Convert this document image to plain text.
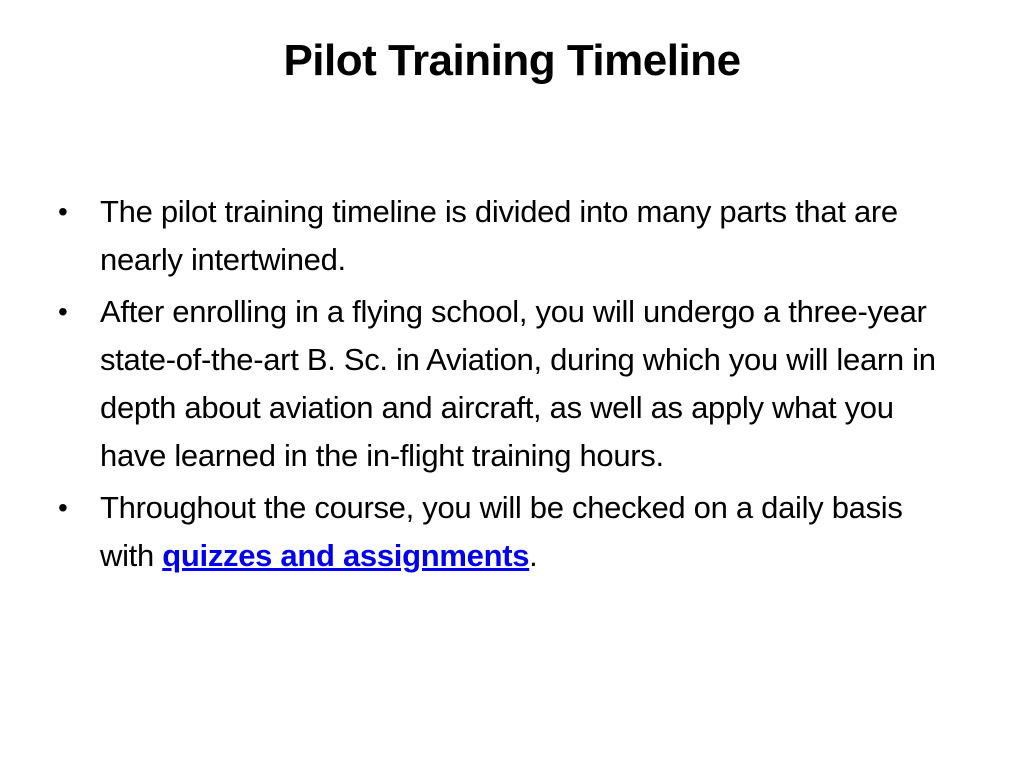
Pilot Training Timeline
•	The pilot training timeline is divided into many parts that are nearly intertwined.
•	After enrolling in a flying school, you will undergo a three-year state-of-the-art B. Sc. in Aviation, during which you will learn in depth about aviation and aircraft, as well as apply what you have learned in the in-flight training hours.
•	Throughout the course, you will be checked on a daily basis with quizzes and assignments.
